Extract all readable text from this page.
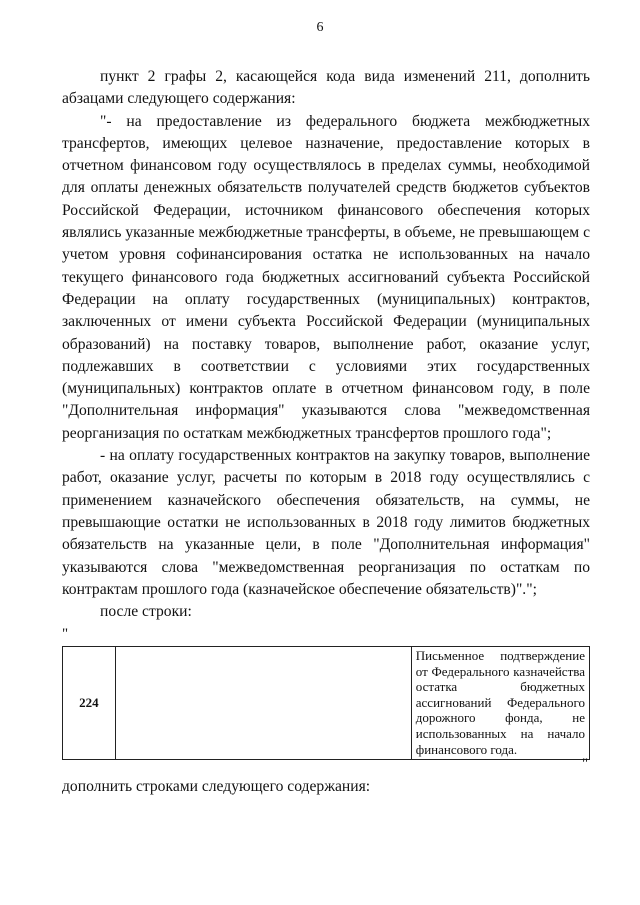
6

пункт 2 графы 2, касающейся кода вида изменений 211, дополнить абзацами следующего содержания:

"- на предоставление из федерального бюджета межбюджетных трансфертов, имеющих целевое назначение, предоставление которых в отчетном финансовом году осуществлялось в пределах суммы, необходимой для оплаты денежных обязательств получателей средств бюджетов субъектов Российской Федерации, источником финансового обеспечения которых являлись указанные межбюджетные трансферты, в объеме, не превышающем с учетом уровня софинансирования остатка не использованных на начало текущего финансового года бюджетных ассигнований субъекта Российской Федерации на оплату государственных (муниципальных) контрактов, заключенных от имени субъекта Российской Федерации (муниципальных образований) на поставку товаров, выполнение работ, оказание услуг, подлежавших в соответствии с условиями этих государственных (муниципальных) контрактов оплате в отчетном финансовом году, в поле "Дополнительная информация" указываются слова "межведомственная реорганизация по остаткам межбюджетных трансфертов прошлого года";

- на оплату государственных контрактов на закупку товаров, выполнение работ, оказание услуг, расчеты по которым в 2018 году осуществлялись с применением казначейского обеспечения обязательств, на суммы, не превышающие остатки не использованных в 2018 году лимитов бюджетных обязательств на указанные цели, в поле "Дополнительная информация" указываются слова "межведомственная реорганизация по остаткам по контрактам прошлого года (казначейское обеспечение обязательств)".";

после строки:

"
224		Письменное подтверждение от Федерального казначейства остатка бюджетных ассигнований Федерального дорожного фонда, не использованных на начало финансового года.
"
дополнить строками следующего содержания:
